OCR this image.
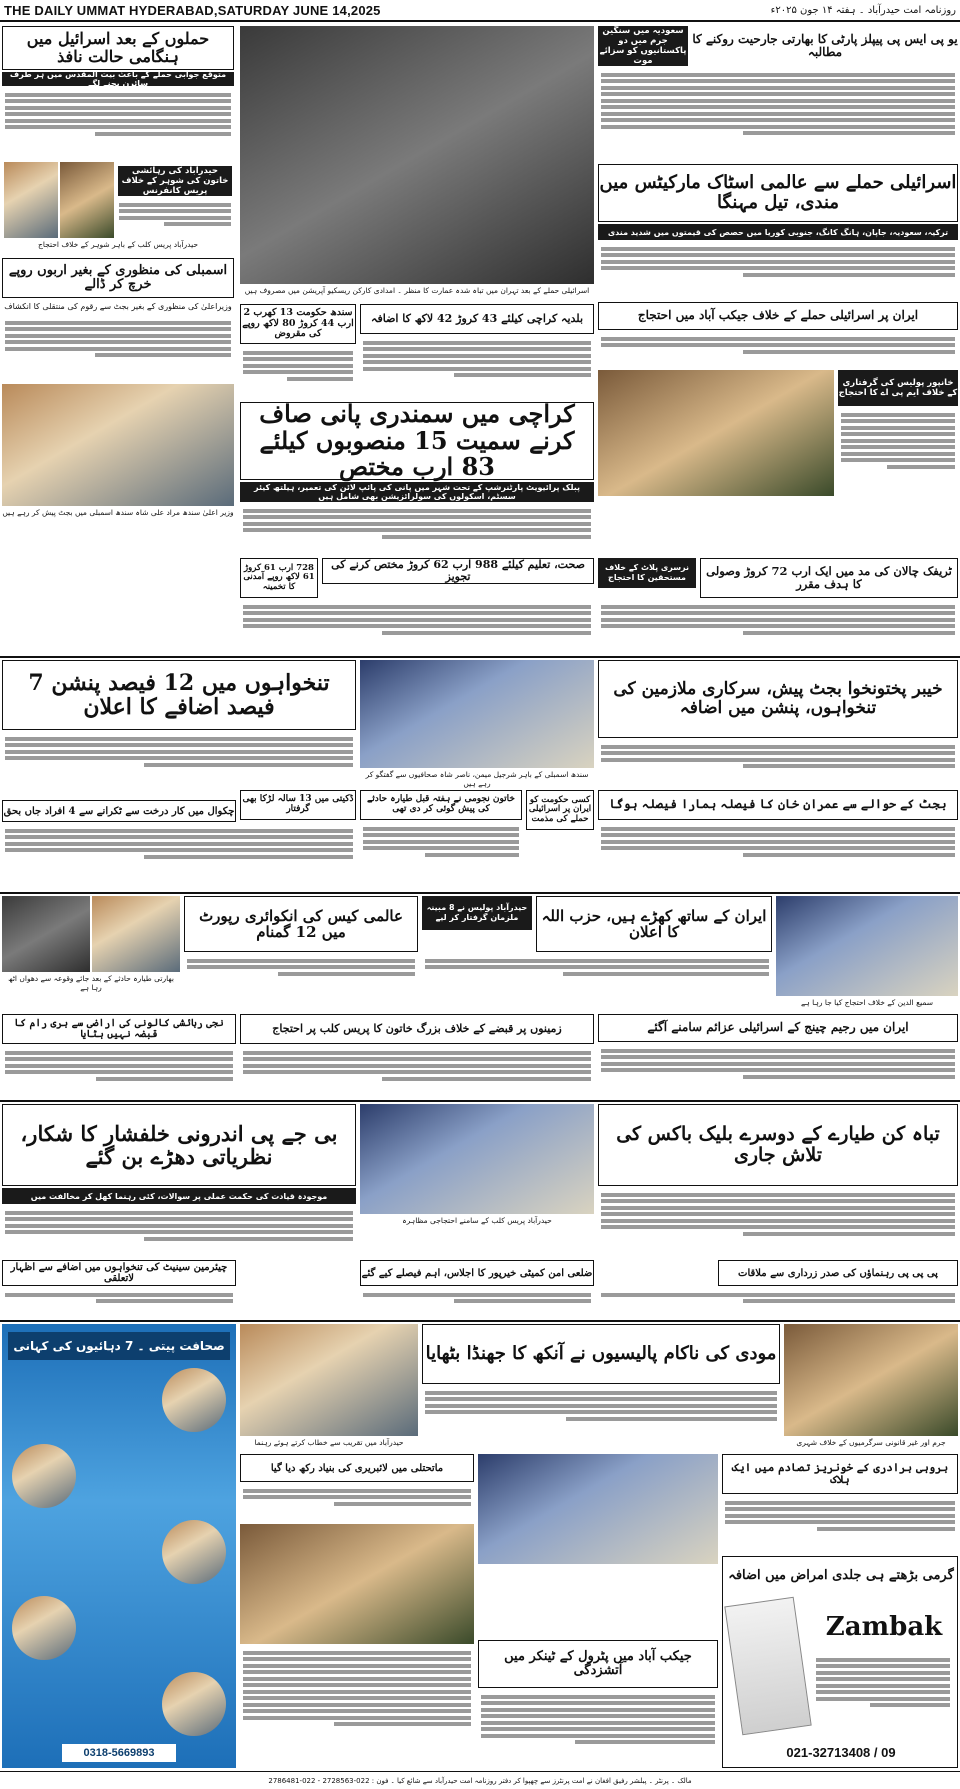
THE DAILY UMMAT HYDERABAD,SATURDAY JUNE 14,2025	روزنامہ امت حیدرآباد ۔ ہفتہ ۱۴ جون ۲۰۲۵ء
حملوں کے بعد اسرائیل میں ہنگامی حالت نافذ
متوقع جوابی حملے کے باعث بیت المقدس میں ہر طرف سائرن بجنے لگے
حیدرآباد کی رہائشی خاتون کی شوہر کے خلاف پریس کانفرنس
حیدرآباد پریس کلب کے باہر شوہر کے خلاف احتجاج
اسمبلی کی منظوری کے بغیر اربوں روپے خرچ کر ڈالے
وزیراعلیٰ کی منظوری کے بغیر بجٹ سے رقوم کی منتقلی کا انکشاف
وزیر اعلیٰ سندھ مراد علی شاہ سندھ اسمبلی میں بجٹ پیش کر رہے ہیں
اسرائیلی حملے کے بعد تہران میں تباہ شدہ عمارت کا منظر ۔ امدادی کارکن ریسکیو آپریشن میں مصروف ہیں
بلدیہ کراچی کیلئے 43 کروڑ 42 لاکھ کا اضافہ
سندھ حکومت 13 کھرب 2 ارب 44 کروڑ 80 لاکھ روپے کی مقروض
کراچی میں سمندری پانی صاف کرنے سمیت 15 منصوبوں کیلئے 83 ارب مختص
پبلک پرائیویٹ پارٹنرشپ کے تحت شہر میں پانی کی پائپ لائن کی تعمیر، ہیلتھ کیئر سسٹم، اسکولوں کی سولرائزیشن بھی شامل ہیں
صحت، تعلیم کیلئے 988 ارب 62 کروڑ مختص کرنے کی تجویز
728 ارب 61 کروڑ 61 لاکھ روپے آمدنی کا تخمینہ
سعودیہ میں سنگین جرم میں دو پاکستانیوں کو سزائے موت
یو پی ایس پی پیپلز پارٹی کا بھارتی جارحیت روکنے کا مطالبہ
اسرائیلی حملے سے عالمی اسٹاک مارکیٹس میں مندی، تیل مہنگا
ترکیہ، سعودیہ، جاپان، ہانگ کانگ، جنوبی کوریا میں حصص کی قیمتوں میں شدید مندی
ایران پر اسرائیلی حملے کے خلاف جیکب آباد میں احتجاج
خانپور پولیس کی گرفتاری کے خلاف ایم پی اے کا احتجاج
ٹریفک چالان کی مد میں ایک ارب 72 کروڑ وصولی کا ہدف مقرر
نرسری پلاٹ کے خلاف مستحقین کا احتجاج
تنخواہوں میں 12 فیصد پنشن 7 فیصد اضافے کا اعلان
سندھ اسمبلی کے باہر شرجیل میمن، ناصر شاہ صحافیوں سے گفتگو کر رہے ہیں
خیبر پختونخوا بجٹ پیش، سرکاری ملازمین کی تنخواہوں، پنشن میں اضافہ
خاتون نجومی نے ہفتہ قبل طیارہ حادثے کی پیش گوئی کر دی تھی
کسی حکومت کو ایران پر اسرائیلی حملے کی مذمت
بجٹ کے حوالے سے عمران خان کا فیصلہ ہمارا فیصلہ ہوگا
ڈکیتی میں 13 سالہ لڑکا بھی گرفتار
چکوال میں کار درخت سے ٹکرانے سے 4 افراد جاں بحق
بھارتی طیارہ حادثے کے بعد جائے وقوعہ سے دھواں اٹھ رہا ہے
عالمی کیس کی انکوائری رپورٹ میں 12 گمنام
حیدرآباد پولیس نے 8 مبینہ ملزمان گرفتار کر لیے	ایران کے ساتھ کھڑے ہیں، حزب اللہ کا اعلان
سمیع الدین کے خلاف احتجاج کیا جا رہا ہے
ایران میں رجیم چینج کے اسرائیلی عزائم سامنے آگئے
زمینوں پر قبضے کے خلاف بزرگ خاتون کا پریس کلب پر احتجاج
نجی رہائشی کالونی کی اراضی سے ہری رام کا قبضہ نہیں ہٹایا
بی جے پی اندرونی خلفشار کا شکار، نظریاتی دھڑے بن گئے
موجودہ قیادت کی حکمت عملی پر سوالات، کئی رہنما کھل کر مخالفت میں
حیدرآباد پریس کلب کے سامنے احتجاجی مظاہرہ
تباہ کن طیارے کے دوسرے بلیک باکس کی تلاش جاری
چیئرمین سینیٹ کی تنخواہوں میں اضافے سے اظہار لاتعلقی	ضلعی امن کمیٹی خیرپور کا اجلاس، اہم فیصلے کیے گئے	پی پی پی رہنماؤں کی صدر زرداری سے ملاقات
صحافت پیتی ۔ 7 دہائیوں کی کہانی
0318-5669893
مودی کی ناکام پالیسیوں نے آنکھ کا جھنڈا بٹھایا
حیدرآباد میں تقریب سے خطاب کرتے ہوئے رہنما	جرم اور غیر قانونی سرگرمیوں کے خلاف شہری
ماتحتلی میں لائبریری کی بنیاد رکھ دیا گیا	بروہی برادری کے خونریز تصادم میں ایک ہلاک
جیکب آباد میں پٹرول کے ٹینکر میں آتشزدگی
گرمی بڑھتے ہی جلدی امراض میں اضافہ
Zambak
021-32713408 / 09
مالک ۔ پرنٹر ۔ پبلشر رفیق افغان نے امت پرنٹرز سے چھپوا کر دفتر روزنامہ امت حیدرآباد سے شائع کیا ۔ فون : 022-2728563 - 022-2786481
